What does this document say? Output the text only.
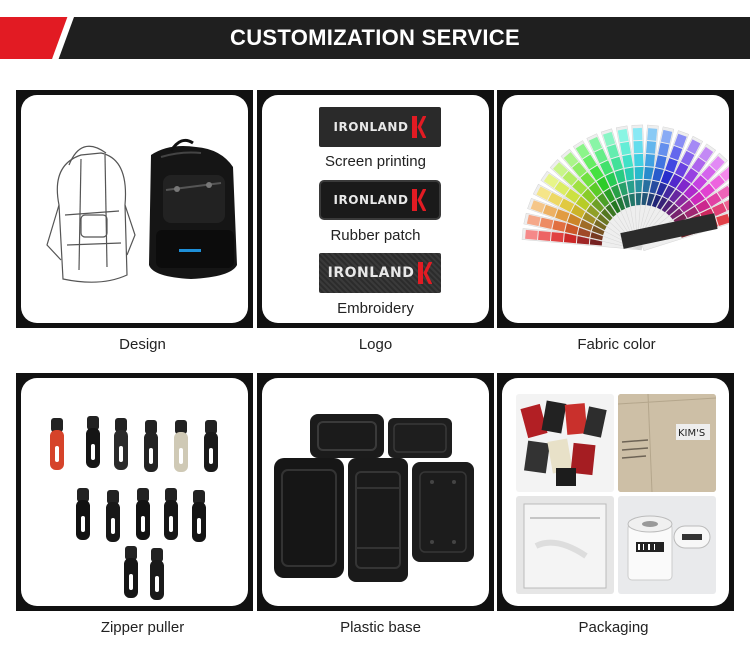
CUSTOMIZATION SERVICE
Design
IRONLAND
Screen printing
IRONLAND
Rubber patch
IRONLAND
Embroidery
Logo	Fabric color
Zipper puller	Plastic base
KIM'S
Packaging
